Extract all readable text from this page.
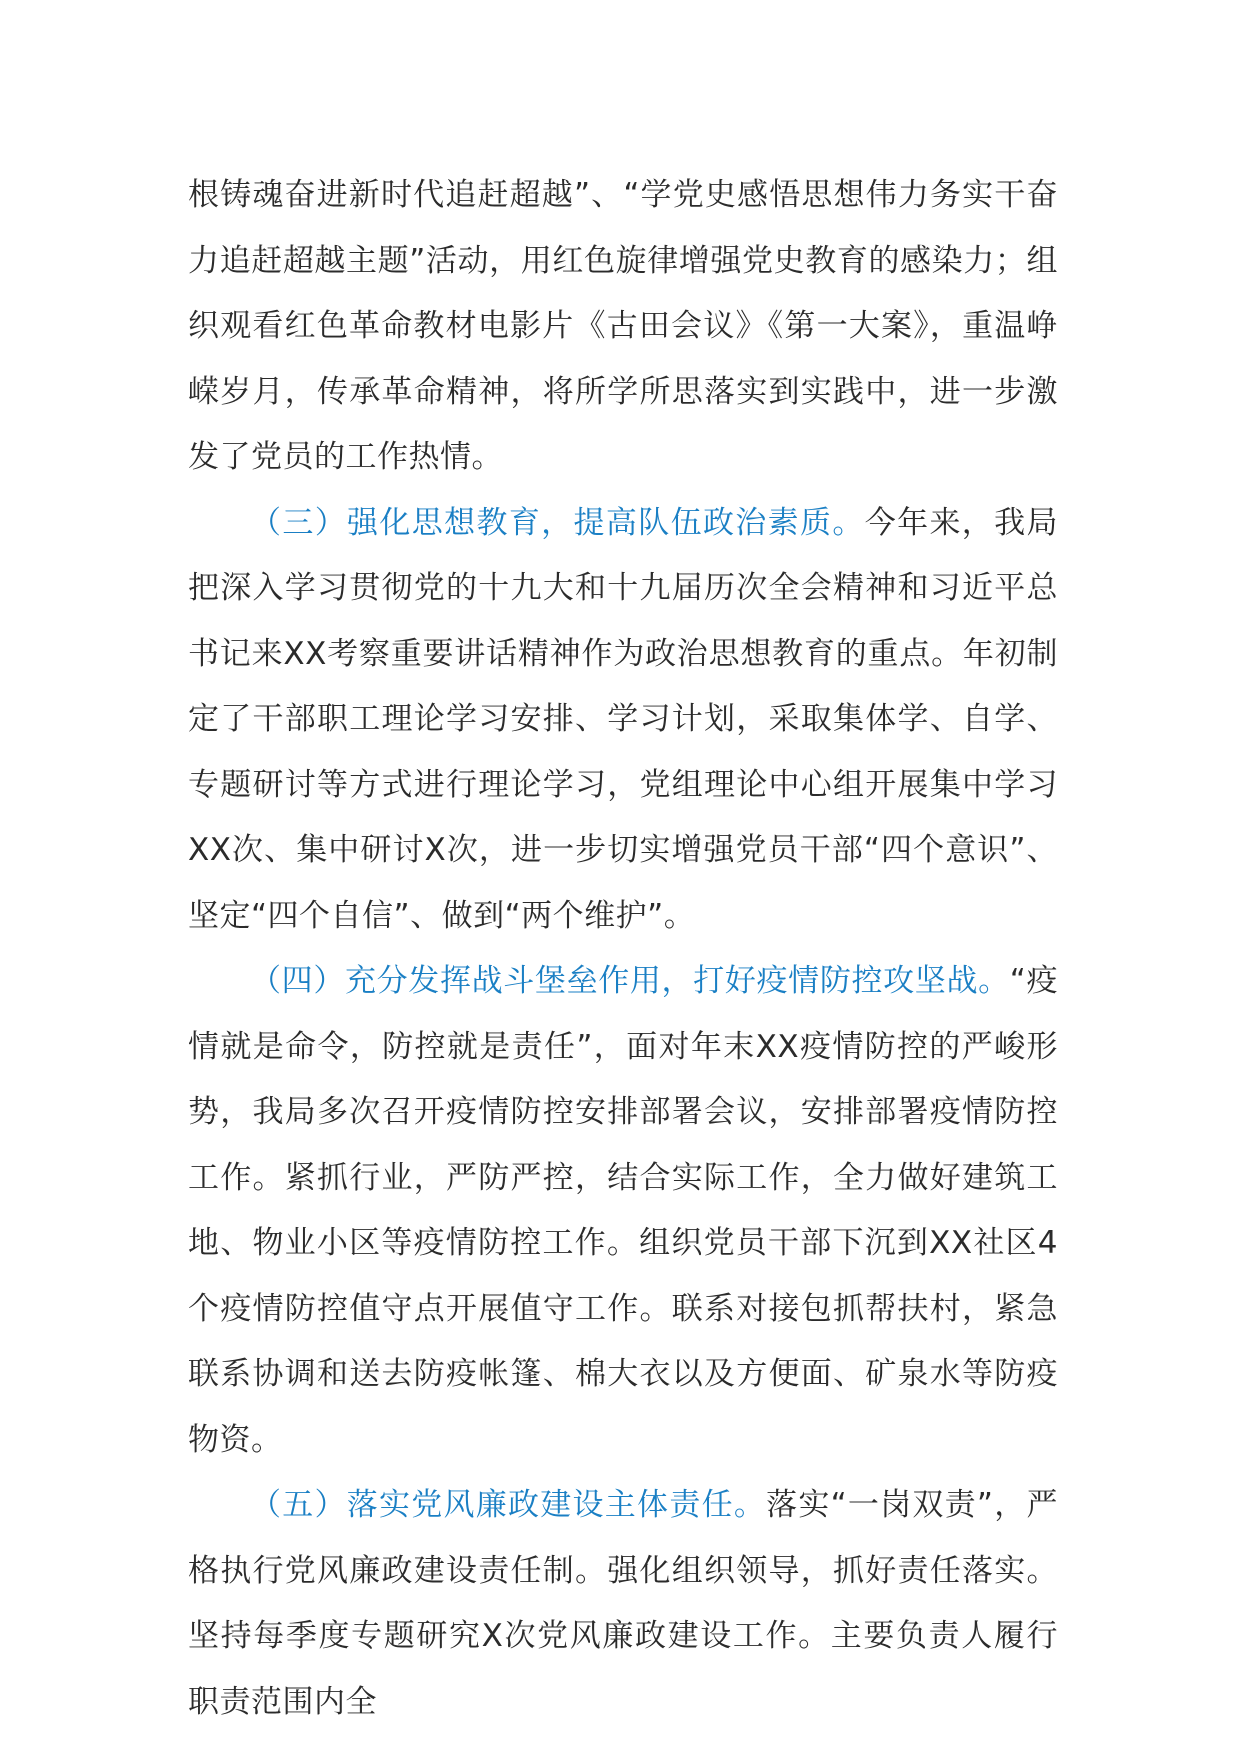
根铸魂奋进新时代追赶超越”、“学党史感悟思想伟力务实干奋力追赶超越主题”活动，用红色旋律增强党史教育的感染力；组织观看红色革命教材电影片《古田会议》《第一大案》，重温峥嵘岁月，传承革命精神，将所学所思落实到实践中，进一步激发了党员的工作热情。

（三）强化思想教育，提高队伍政治素质。今年来，我局把深入学习贯彻党的十九大和十九届历次全会精神和习近平总书记来XX考察重要讲话精神作为政治思想教育的重点。年初制定了干部职工理论学习安排、学习计划，采取集体学、自学、专题研讨等方式进行理论学习，党组理论中心组开展集中学习XX次、集中研讨X次，进一步切实增强党员干部“四个意识”、坚定“四个自信”、做到“两个维护”。

（四）充分发挥战斗堡垒作用，打好疫情防控攻坚战。“疫情就是命令，防控就是责任”，面对年末XX疫情防控的严峻形势，我局多次召开疫情防控安排部署会议，安排部署疫情防控工作。紧抓行业，严防严控，结合实际工作，全力做好建筑工地、物业小区等疫情防控工作。组织党员干部下沉到XX社区4个疫情防控值守点开展值守工作。联系对接包抓帮扶村，紧急联系协调和送去防疫帐篷、棉大衣以及方便面、矿泉水等防疫物资。

（五）落实党风廉政建设主体责任。落实“一岗双责”，严格执行党风廉政建设责任制。强化组织领导，抓好责任落实。坚持每季度专题研究X次党风廉政建设工作。主要负责人履行职责范围内全
